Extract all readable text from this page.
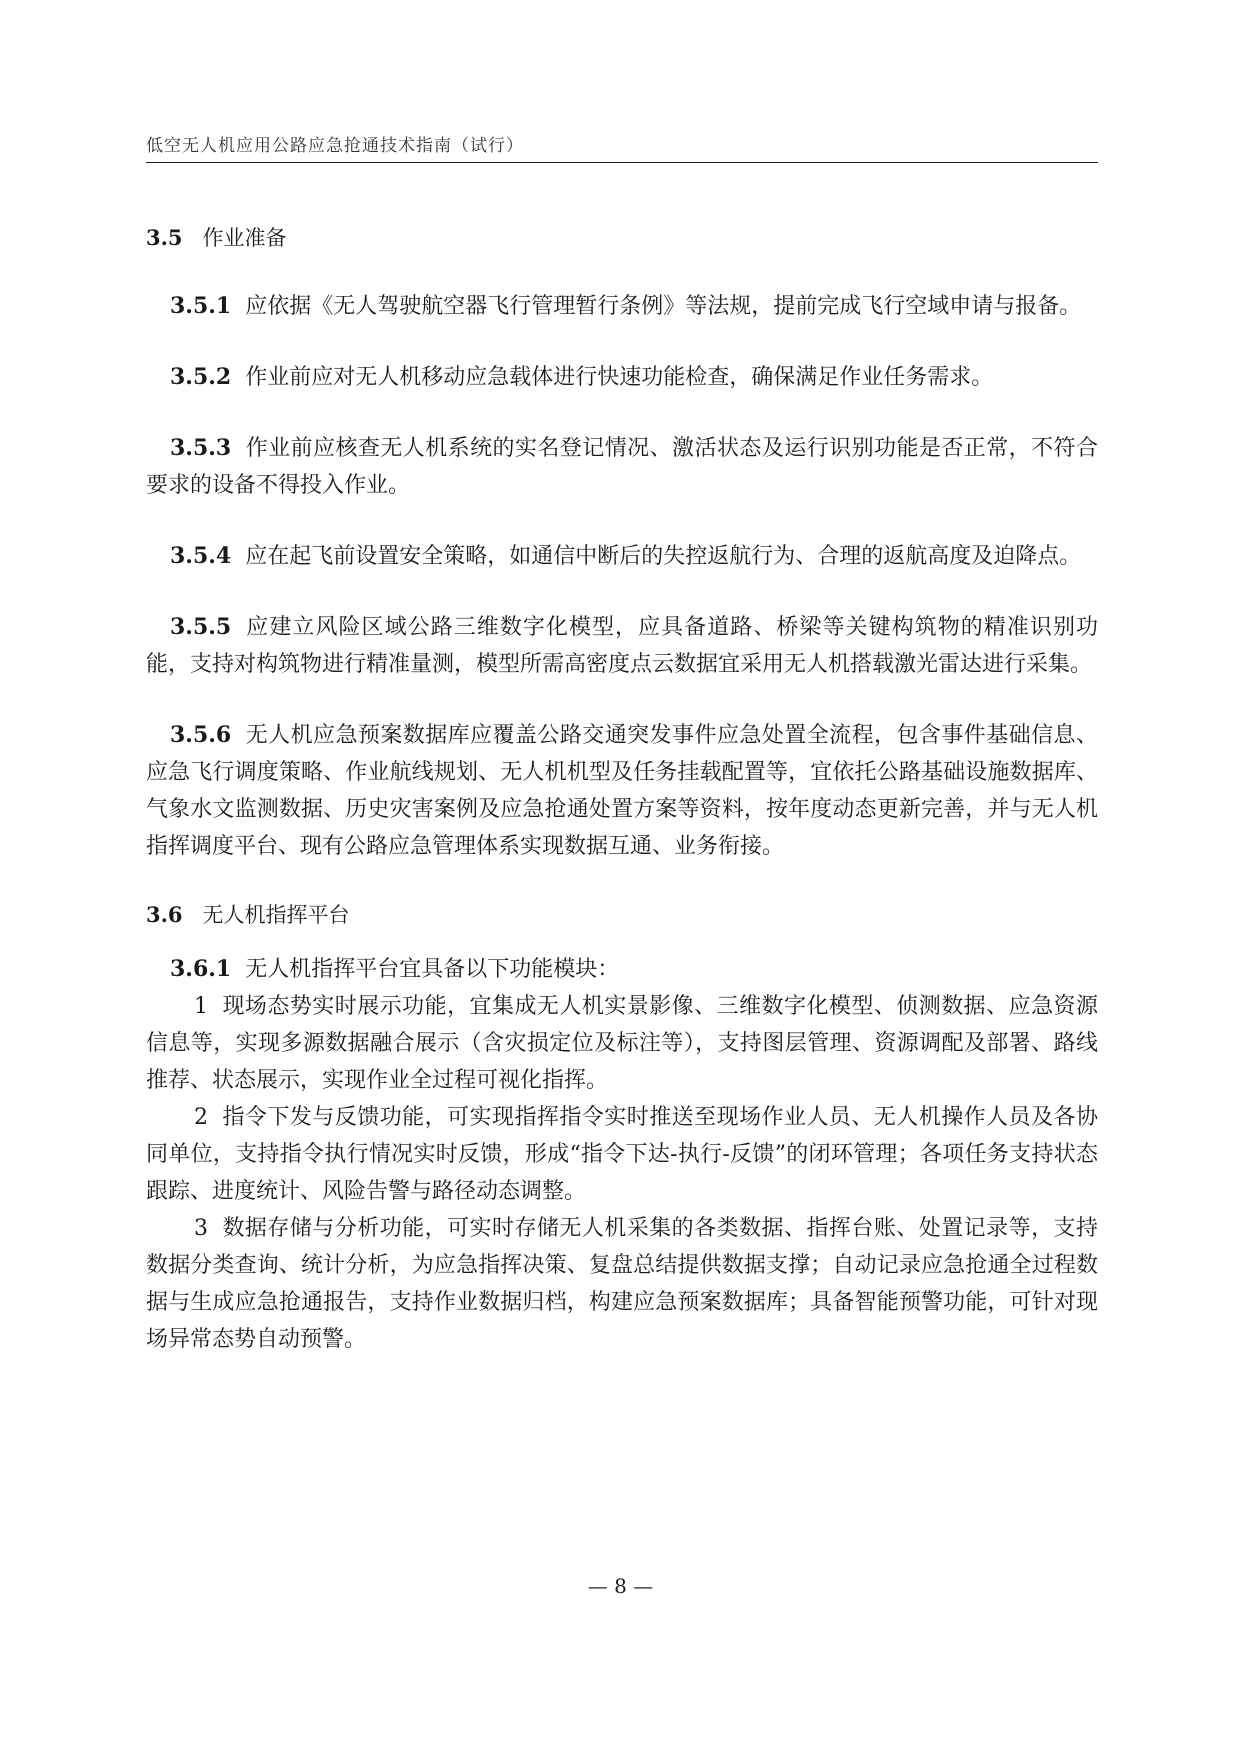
低空无人机应用公路应急抢通技术指南（试行）
3.5 作业准备

3.5.1 应依据《无人驾驶航空器飞行管理暂行条例》等法规，提前完成飞行空域申请与报备。

3.5.2 作业前应对无人机移动应急载体进行快速功能检查，确保满足作业任务需求。

3.5.3 作业前应核查无人机系统的实名登记情况、激活状态及运行识别功能是否正常，不符合要求的设备不得投入作业。

3.5.4 应在起飞前设置安全策略，如通信中断后的失控返航行为、合理的返航高度及迫降点。

3.5.5 应建立风险区域公路三维数字化模型，应具备道路、桥梁等关键构筑物的精准识别功能，支持对构筑物进行精准量测，模型所需高密度点云数据宜采用无人机搭载激光雷达进行采集。

3.5.6 无人机应急预案数据库应覆盖公路交通突发事件应急处置全流程，包含事件基础信息、应急飞行调度策略、作业航线规划、无人机机型及任务挂载配置等，宜依托公路基础设施数据库、气象水文监测数据、历史灾害案例及应急抢通处置方案等资料，按年度动态更新完善，并与无人机指挥调度平台、现有公路应急管理体系实现数据互通、业务衔接。

3.6 无人机指挥平台

3.6.1 无人机指挥平台宜具备以下功能模块：

1 现场态势实时展示功能，宜集成无人机实景影像、三维数字化模型、侦测数据、应急资源信息等，实现多源数据融合展示（含灾损定位及标注等），支持图层管理、资源调配及部署、路线推荐、状态展示，实现作业全过程可视化指挥。

2 指令下发与反馈功能，可实现指挥指令实时推送至现场作业人员、无人机操作人员及各协同单位，支持指令执行情况实时反馈，形成“指令下达-执行-反馈”的闭环管理；各项任务支持状态跟踪、进度统计、风险告警与路径动态调整。

3 数据存储与分析功能，可实时存储无人机采集的各类数据、指挥台账、处置记录等，支持数据分类查询、统计分析，为应急指挥决策、复盘总结提供数据支撑；自动记录应急抢通全过程数据与生成应急抢通报告，支持作业数据归档，构建应急预案数据库；具备智能预警功能，可针对现场异常态势自动预警。

— 8 —
